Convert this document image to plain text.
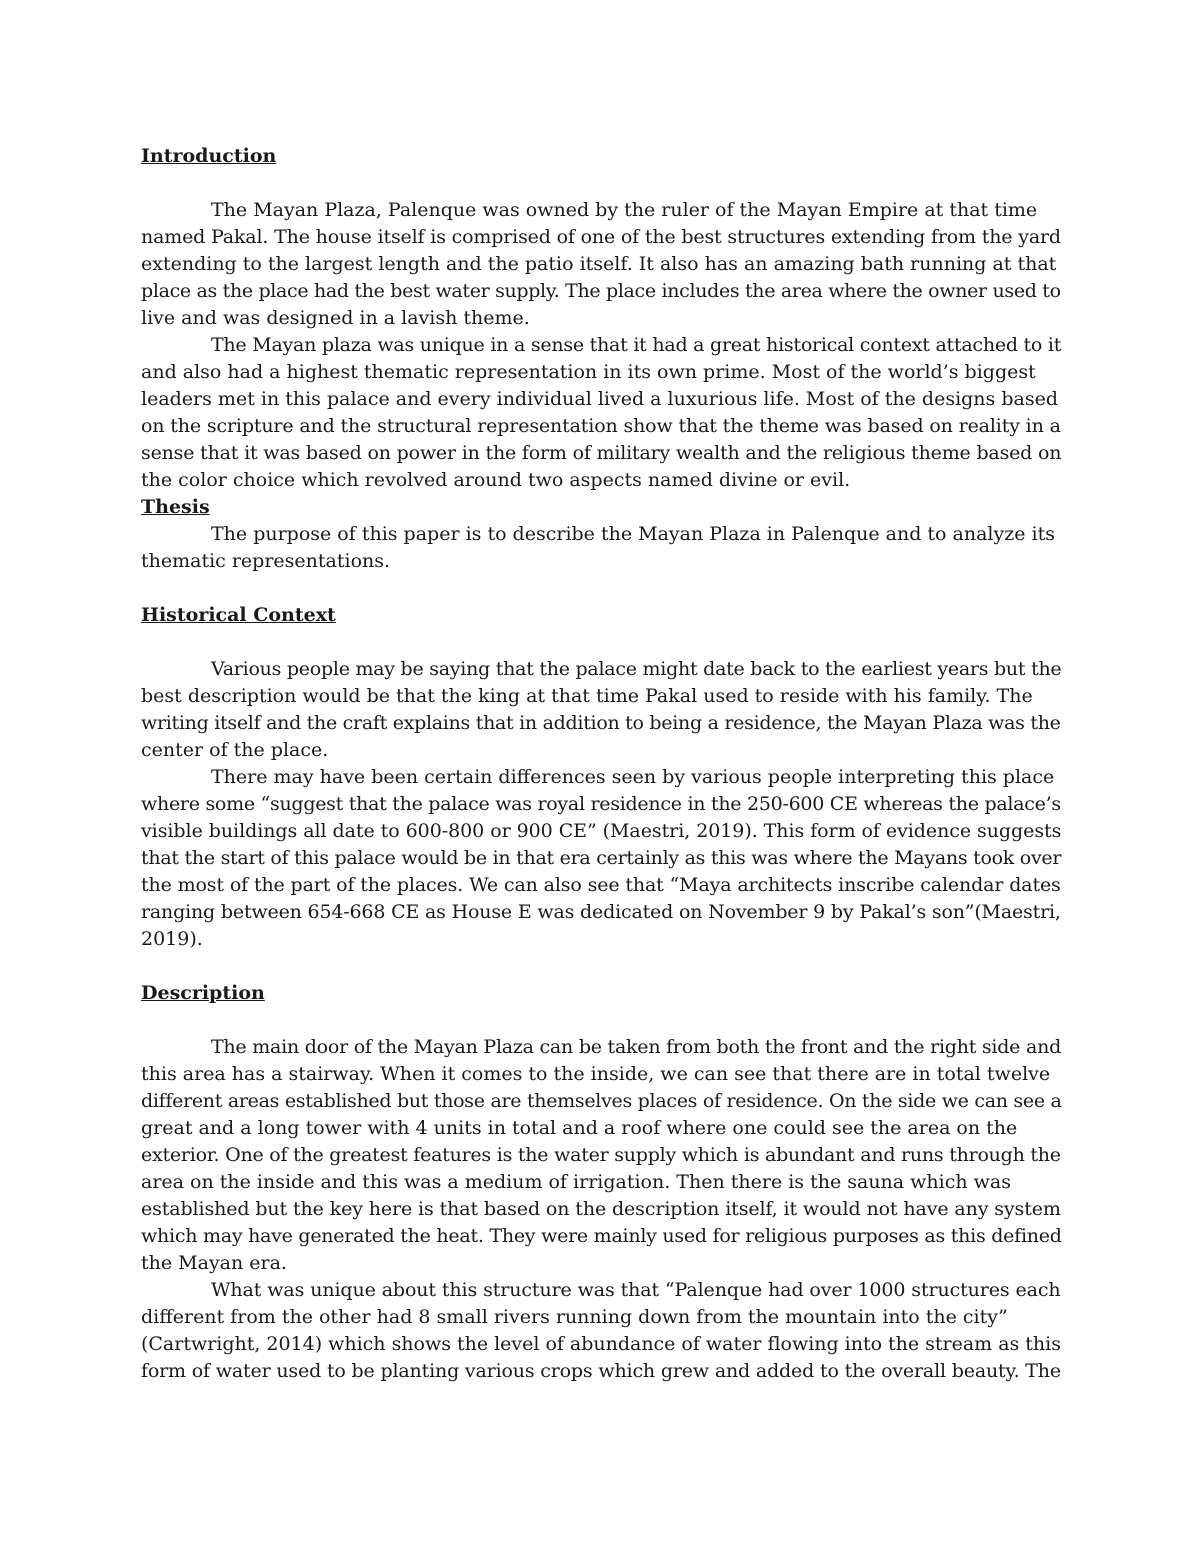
Introduction
The Mayan Plaza, Palenque was owned by the ruler of the Mayan Empire at that time
named Pakal. The house itself is comprised of one of the best structures extending from the yard
extending to the largest length and the patio itself. It also has an amazing bath running at that
place as the place had the best water supply. The place includes the area where the owner used to
live and was designed in a lavish theme.
The Mayan plaza was unique in a sense that it had a great historical context attached to it
and also had a highest thematic representation in its own prime. Most of the world’s biggest
leaders met in this palace and every individual lived a luxurious life. Most of the designs based
on the scripture and the structural representation show that the theme was based on reality in a
sense that it was based on power in the form of military wealth and the religious theme based on
the color choice which revolved around two aspects named divine or evil.
Thesis
The purpose of this paper is to describe the Mayan Plaza in Palenque and to analyze its
thematic representations.
Historical Context
Various people may be saying that the palace might date back to the earliest years but the
best description would be that the king at that time Pakal used to reside with his family. The
writing itself and the craft explains that in addition to being a residence, the Mayan Plaza was the
center of the place.
There may have been certain differences seen by various people interpreting this place
where some “suggest that the palace was royal residence in the 250-600 CE whereas the palace’s
visible buildings all date to 600-800 or 900 CE” (Maestri, 2019). This form of evidence suggests
that the start of this palace would be in that era certainly as this was where the Mayans took over
the most of the part of the places. We can also see that “Maya architects inscribe calendar dates
ranging between 654-668 CE as House E was dedicated on November 9 by Pakal’s son”(Maestri,
2019).
Description
The main door of the Mayan Plaza can be taken from both the front and the right side and
this area has a stairway. When it comes to the inside, we can see that there are in total twelve
different areas established but those are themselves places of residence. On the side we can see a
great and a long tower with 4 units in total and a roof where one could see the area on the
exterior. One of the greatest features is the water supply which is abundant and runs through the
area on the inside and this was a medium of irrigation. Then there is the sauna which was
established but the key here is that based on the description itself, it would not have any system
which may have generated the heat. They were mainly used for religious purposes as this defined
the Mayan era.
What was unique about this structure was that “Palenque had over 1000 structures each
different from the other had 8 small rivers running down from the mountain into the city”
(Cartwright, 2014) which shows the level of abundance of water flowing into the stream as this
form of water used to be planting various crops which grew and added to the overall beauty. The
